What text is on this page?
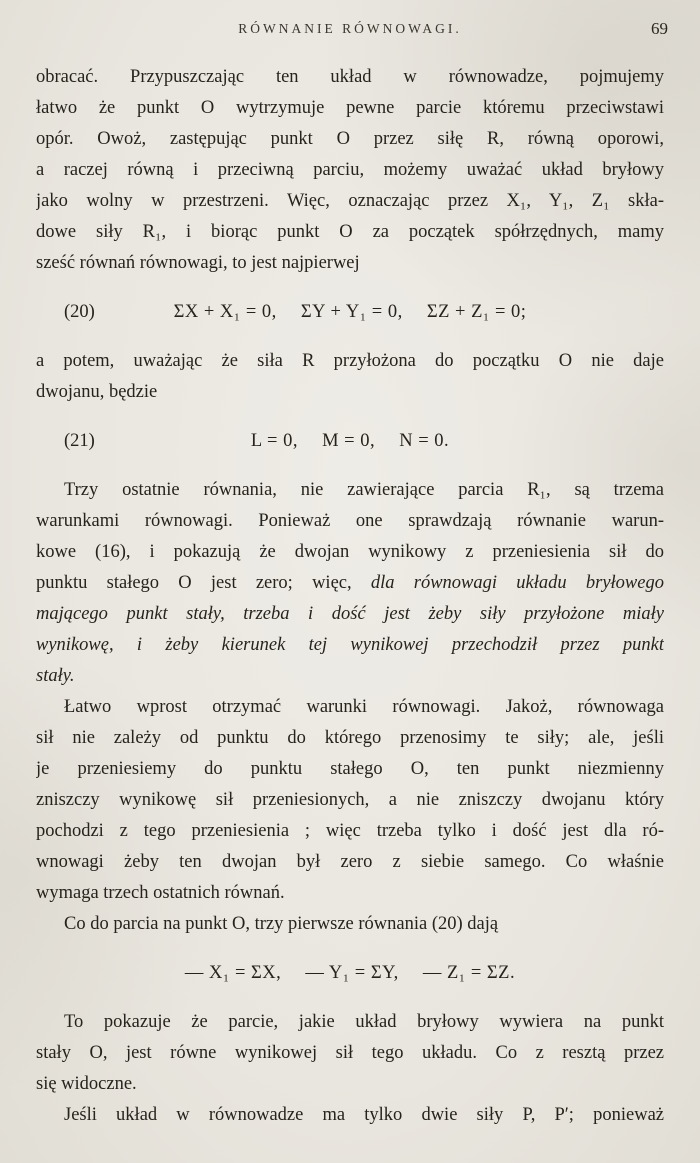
RÓWNANIE RÓWNOWAGI.	69
obracać. Przypuszczając ten układ w równowadze, pojmujemy
łatwo że punkt O wytrzymuje pewne parcie któremu przeciwstawi
opór. Owoż, zastępując punkt O przez siłę R, równą oporowi,
a raczej równą i przeciwną parciu, możemy uważać układ bryłowy
jako wolny w przestrzeni. Więc, oznaczając przez X₁, Y₁, Z₁ skła-
dowe siły R₁, i biorąc punkt O za początek spółrzędnych, mamy
sześć równań równowagi, to jest najpierwej
(20)	ΣX + X₁ = 0,  ΣY + Y₁ = 0,  ΣZ + Z₁ = 0;
a potem, uważając że siła R przyłożona do początku O nie daje
dwojanu, będzie
(21)	L = 0,  M = 0,  N = 0.
Trzy ostatnie równania, nie zawierające parcia R₁, są trzema
warunkami równowagi. Ponieważ one sprawdzają równanie warun-
kowe (16), i pokazują że dwojan wynikowy z przeniesienia sił do
punktu stałego O jest zero; więc, dla równowagi układu bryłowego
mającego punkt stały, trzeba i dość jest żeby siły przyłożone miały
wynikowę, i żeby kierunek tej wynikowej przechodził przez punkt
stały.
Łatwo wprost otrzymać warunki równowagi. Jakoż, równowaga
sił nie zależy od punktu do którego przenosimy te siły; ale, jeśli
je przeniesiemy do punktu stałego O, ten punkt niezmienny
zniszczy wynikowę sił przeniesionych, a nie zniszczy dwojanu który
pochodzi z tego przeniesienia ; więc trzeba tylko i dość jest dla ró-
wnowagi żeby ten dwojan był zero z siebie samego. Co właśnie
wymaga trzech ostatnich równań.
Co do parcia na punkt O, trzy pierwsze równania (20) dają
— X₁ = ΣX,  — Y₁ = ΣY,  — Z₁ = ΣZ.
To pokazuje że parcie, jakie układ bryłowy wywiera na punkt
stały O, jest równe wynikowej sił tego układu. Co z resztą przez
się widoczne.
Jeśli układ w równowadze ma tylko dwie siły P, P′; ponieważ
